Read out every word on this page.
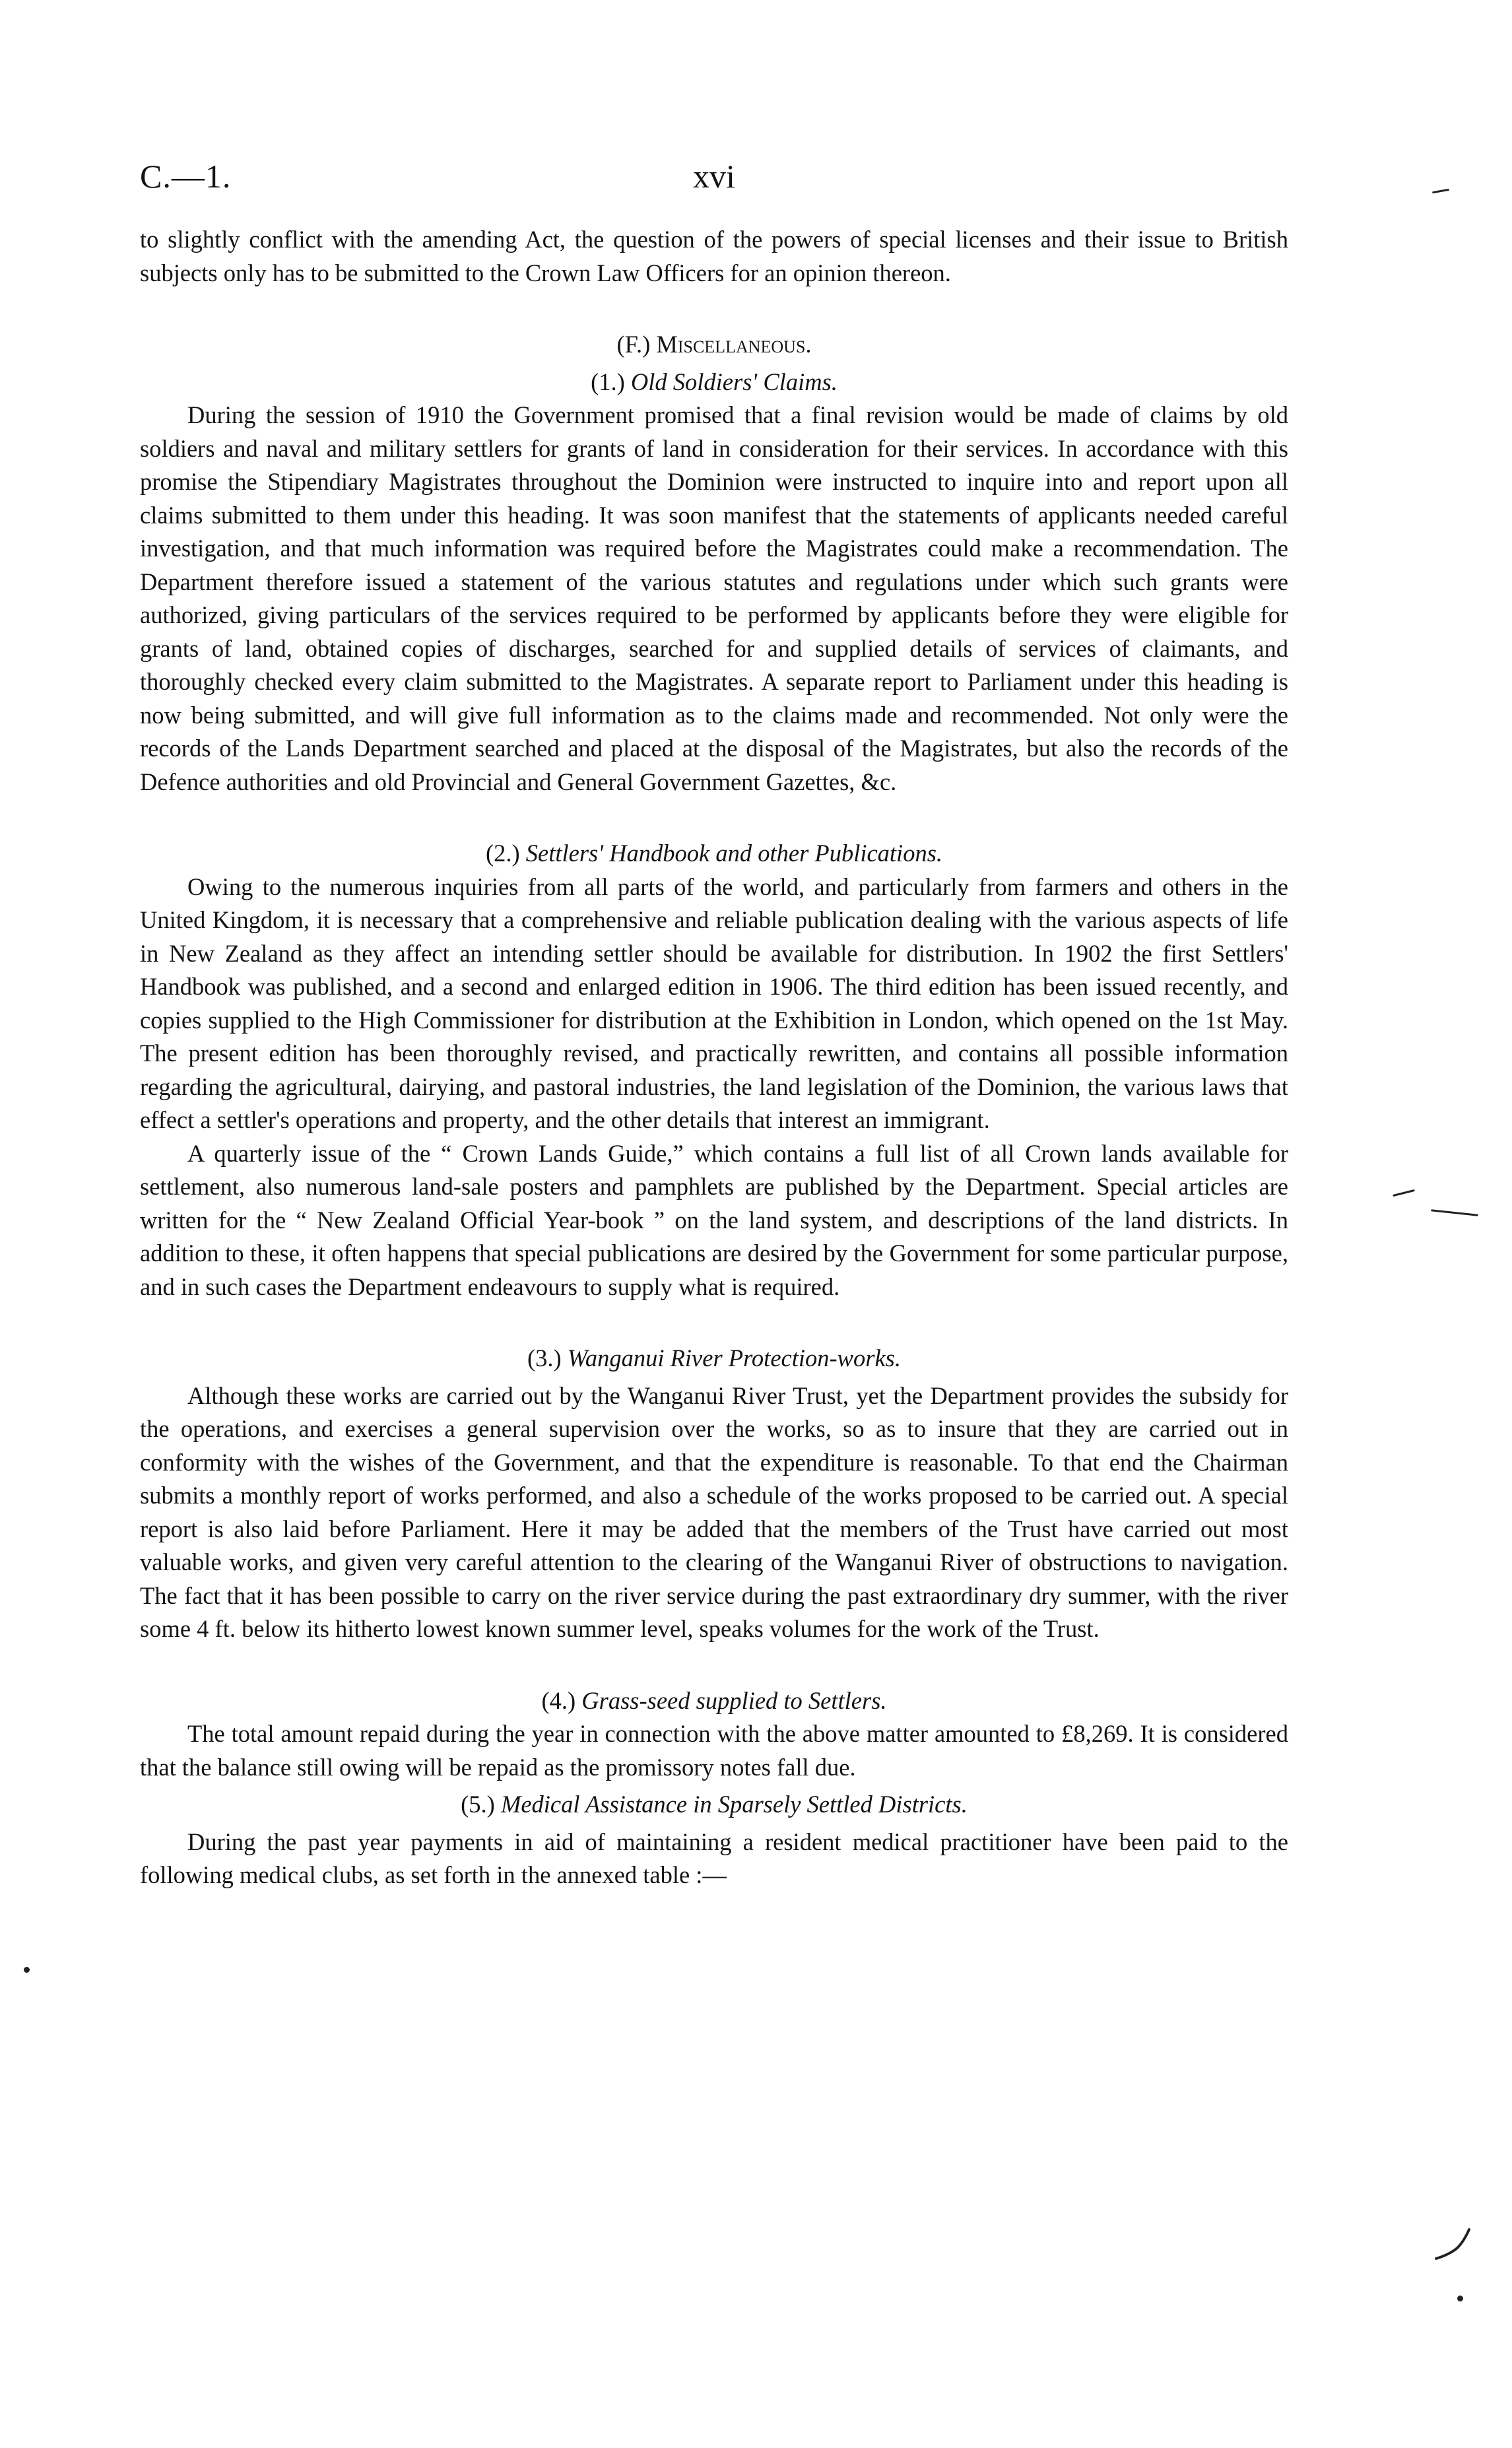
C.—1.	xvi

to slightly conflict with the amending Act, the question of the powers of special licenses and their issue to British subjects only has to be submitted to the Crown Law Officers for an opinion thereon.

(F.) Miscellaneous.
(1.) Old Soldiers' Claims.

During the session of 1910 the Government promised that a final revision would be made of claims by old soldiers and naval and military settlers for grants of land in consideration for their services. In accordance with this promise the Stipendiary Magistrates throughout the Dominion were instructed to inquire into and report upon all claims submitted to them under this heading. It was soon manifest that the statements of applicants needed careful investigation, and that much information was required before the Magistrates could make a recommendation. The Department therefore issued a statement of the various statutes and regulations under which such grants were authorized, giving particulars of the services required to be performed by applicants before they were eligible for grants of land, obtained copies of discharges, searched for and supplied details of services of claimants, and thoroughly checked every claim submitted to the Magistrates. A separate report to Parliament under this heading is now being submitted, and will give full information as to the claims made and recommended. Not only were the records of the Lands Department searched and placed at the disposal of the Magistrates, but also the records of the Defence authorities and old Provincial and General Government Gazettes, &c.

(2.) Settlers' Handbook and other Publications.

Owing to the numerous inquiries from all parts of the world, and particularly from farmers and others in the United Kingdom, it is necessary that a comprehensive and reliable publication dealing with the various aspects of life in New Zealand as they affect an intending settler should be available for distribution. In 1902 the first Settlers' Handbook was published, and a second and enlarged edition in 1906. The third edition has been issued recently, and copies supplied to the High Commissioner for distribution at the Exhibition in London, which opened on the 1st May. The present edition has been thoroughly revised, and practically rewritten, and contains all possible information regarding the agricultural, dairying, and pastoral industries, the land legislation of the Dominion, the various laws that effect a settler's operations and property, and the other details that interest an immigrant.

A quarterly issue of the “ Crown Lands Guide,” which contains a full list of all Crown lands available for settlement, also numerous land-sale posters and pamphlets are published by the Department. Special articles are written for the “ New Zealand Official Year-book ” on the land system, and descriptions of the land districts. In addition to these, it often happens that special publications are desired by the Government for some particular purpose, and in such cases the Department endeavours to supply what is required.

(3.) Wanganui River Protection-works.

Although these works are carried out by the Wanganui River Trust, yet the Department provides the subsidy for the operations, and exercises a general supervision over the works, so as to insure that they are carried out in conformity with the wishes of the Government, and that the expenditure is reasonable. To that end the Chairman submits a monthly report of works performed, and also a schedule of the works proposed to be carried out. A special report is also laid before Parliament. Here it may be added that the members of the Trust have carried out most valuable works, and given very careful attention to the clearing of the Wanganui River of obstructions to navigation. The fact that it has been possible to carry on the river service during the past extraordinary dry summer, with the river some 4 ft. below its hitherto lowest known summer level, speaks volumes for the work of the Trust.

(4.) Grass-seed supplied to Settlers.

The total amount repaid during the year in connection with the above matter amounted to £8,269. It is considered that the balance still owing will be repaid as the promissory notes fall due.

(5.) Medical Assistance in Sparsely Settled Districts.

During the past year payments in aid of maintaining a resident medical practitioner have been paid to the following medical clubs, as set forth in the annexed table :—
